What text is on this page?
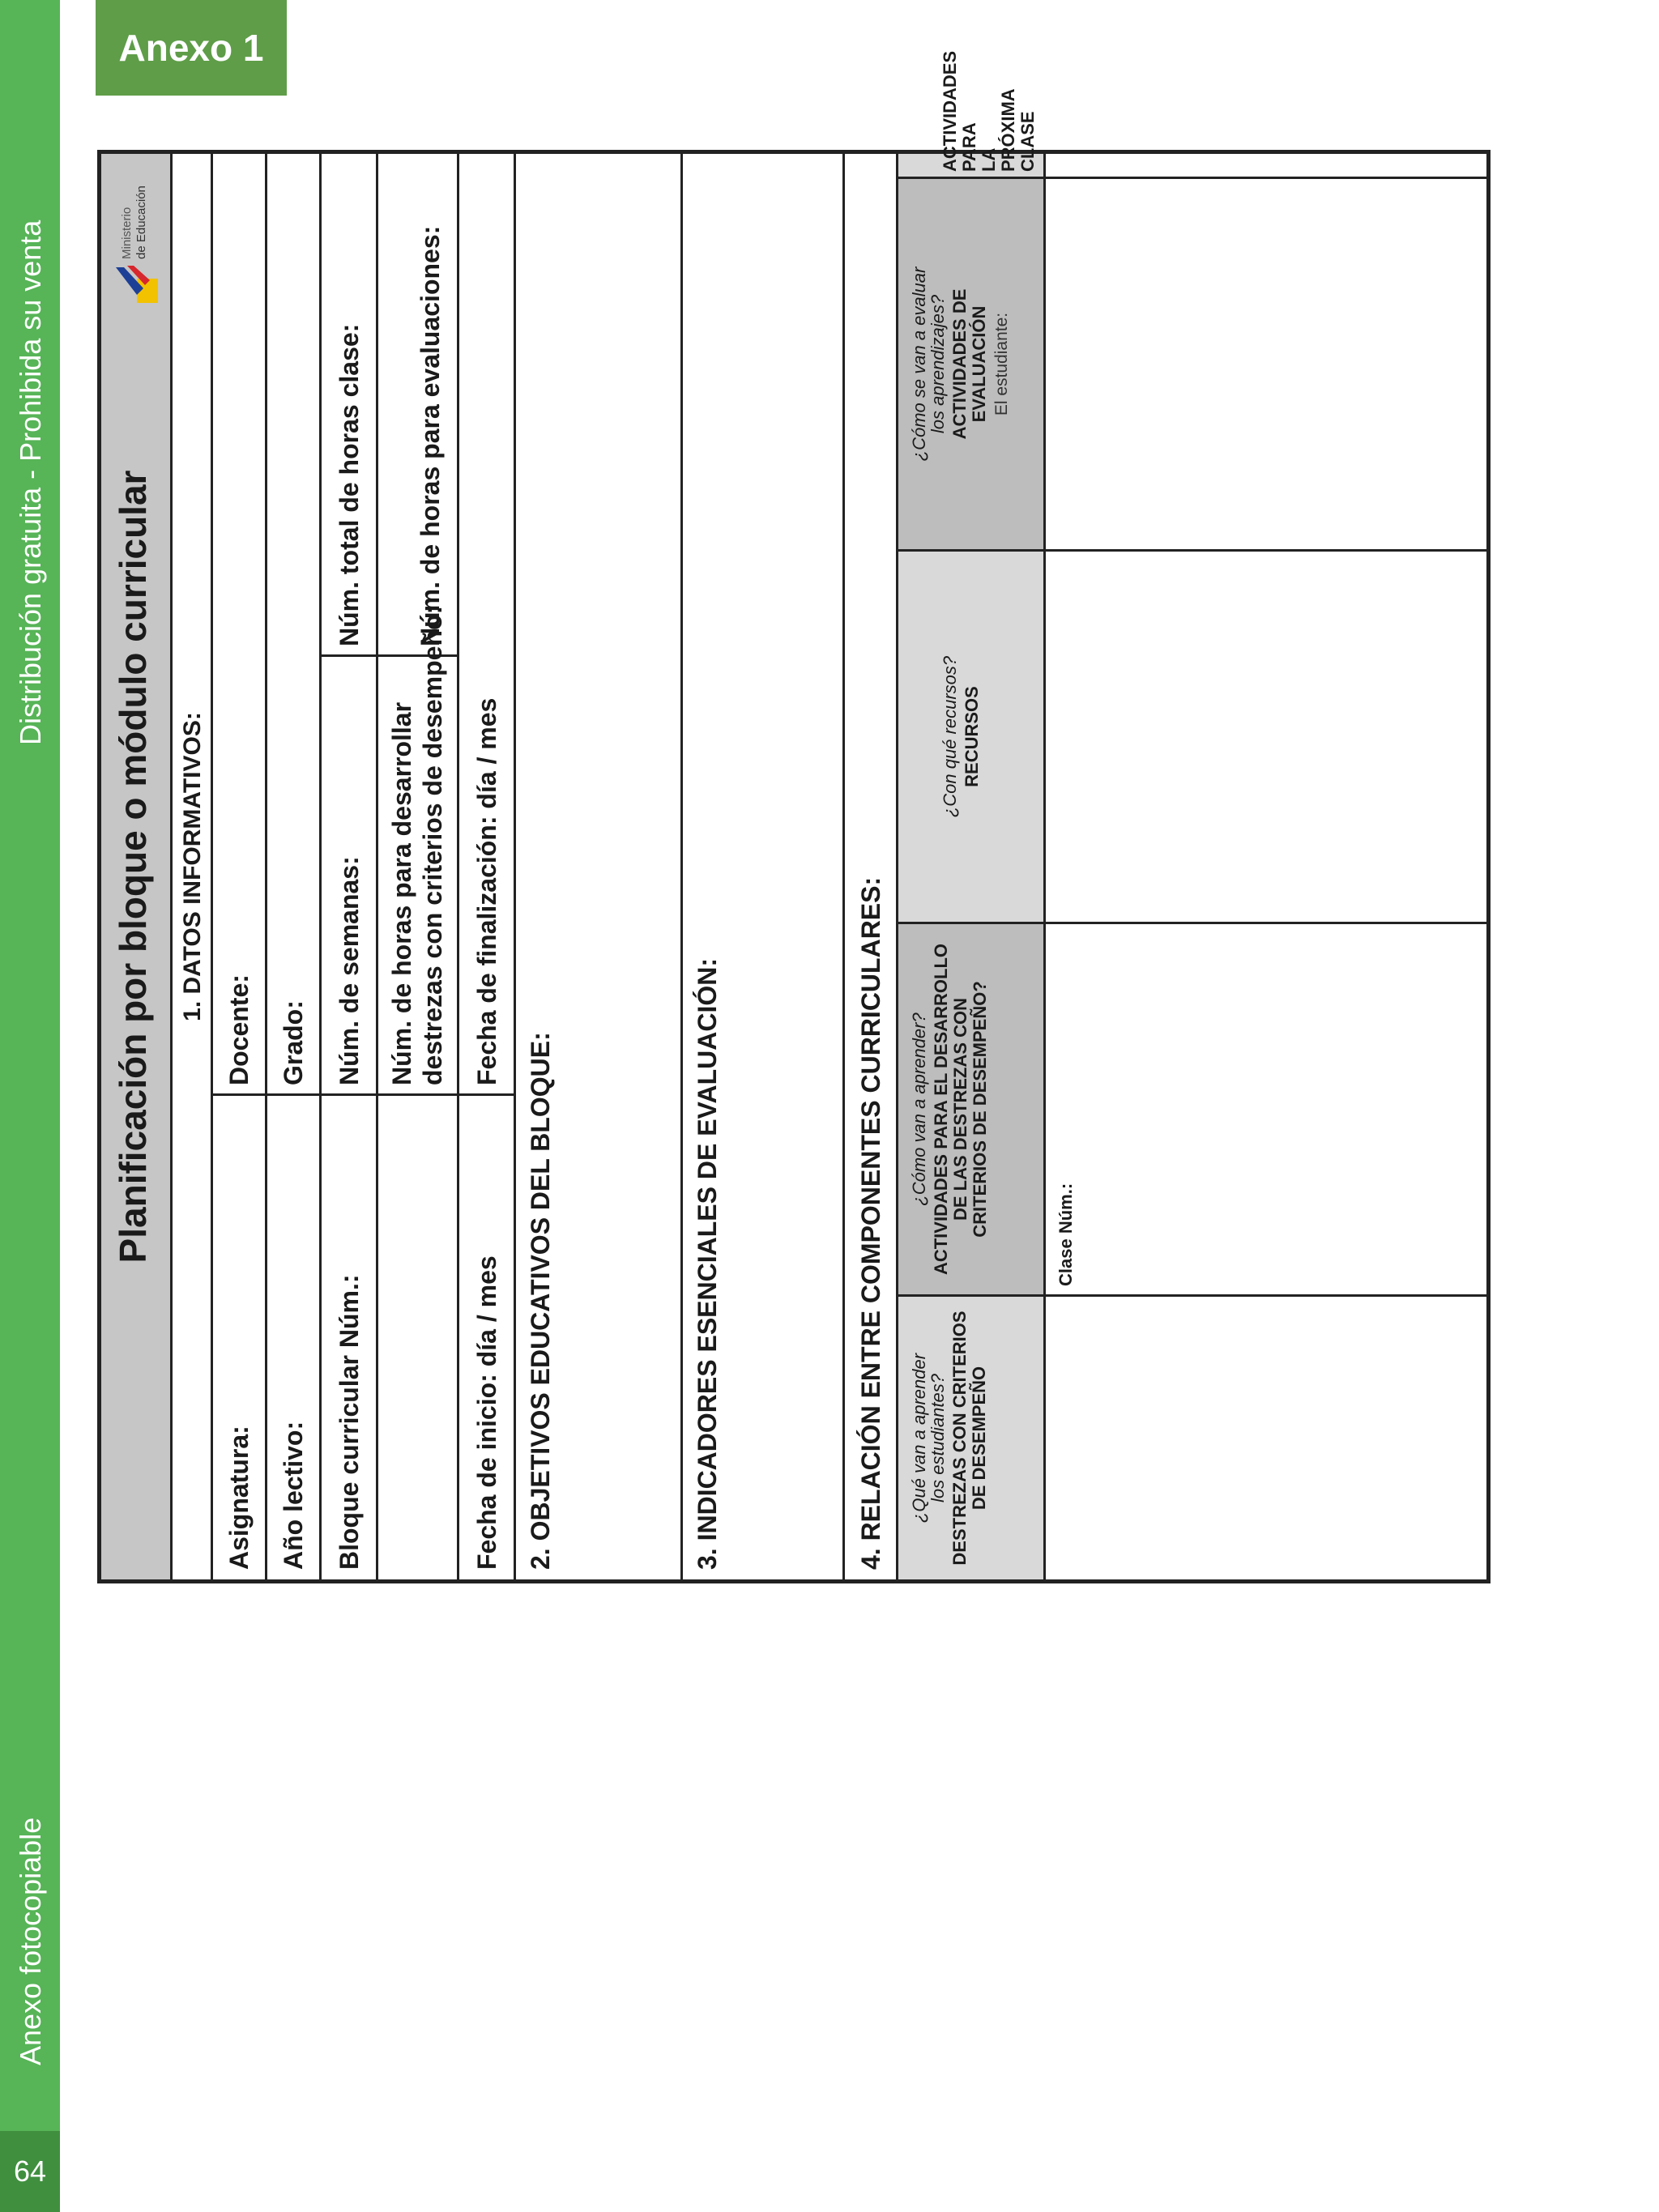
Anexo fotocopiable
Distribución gratuita - Prohibida su venta
64
Anexo 1
Planificación por bloque o módulo curricular
Ministerio de Educación
1. DATOS INFORMATIVOS:
Asignatura:
Docente:
Año lectivo:
Grado:
Bloque curricular Núm.:
Núm. de semanas:
Núm. total de horas clase:
Núm. de horas para desarrollar destrezas con criterios de desempeño:
Núm. de horas para evaluaciones:
Fecha de inicio: día / mes
Fecha de finalización: día / mes
2. OBJETIVOS EDUCATIVOS DEL BLOQUE:	3. INDICADORES ESENCIALES DE EVALUACIÓN:	4. RELACIÓN ENTRE COMPONENTES CURRICULARES: ¿Qué van a aprender
los estudiantes? DESTREZAS CON CRITERIOS DE DESEMPEÑO
¿Cómo van a aprender? ACTIVIDADES PARA EL DESARROLLO DE LAS DESTREZAS CON CRITERIOS DE DESEMPEÑO?
¿Con qué recursos? RECURSOS
¿Cómo se van a evaluar
los aprendizajes? ACTIVIDADES DE EVALUACIÓN El estudiante:
ACTIVIDADES PARA LA PRÓXIMA CLASE
Clase Núm.:
